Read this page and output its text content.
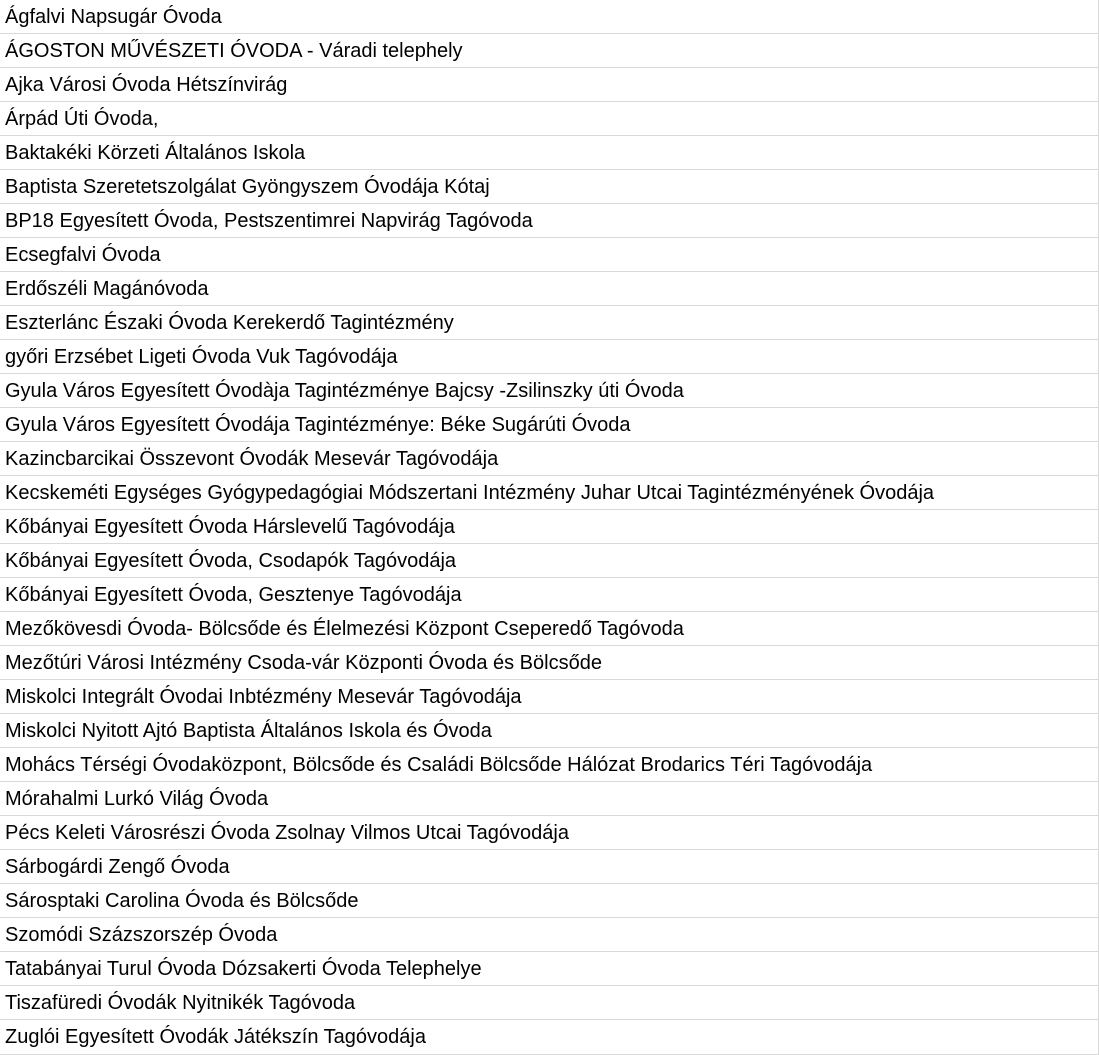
Ágfalvi Napsugár Óvoda
ÁGOSTON MŰVÉSZETI ÓVODA - Váradi telephely
Ajka Városi Óvoda Hétszínvirág
Árpád Úti Óvoda,
Baktakéki Körzeti Általános Iskola
Baptista Szeretetszolgálat Gyöngyszem Óvodája Kótaj
BP18 Egyesített Óvoda, Pestszentimrei Napvirág Tagóvoda
Ecsegfalvi Óvoda
Erdőszéli Magánóvoda
Eszterlánc Északi Óvoda Kerekerdő Tagintézmény
győri Erzsébet Ligeti Óvoda Vuk Tagóvodája
Gyula Város Egyesített Óvodàja Tagintézménye Bajcsy -Zsilinszky úti Óvoda
Gyula Város Egyesített Óvodája Tagintézménye: Béke Sugárúti Óvoda
Kazincbarcikai Összevont Óvodák Mesevár Tagóvodája
Kecskeméti Egységes Gyógypedagógiai Módszertani Intézmény Juhar Utcai Tagintézményének Óvodája
Kőbányai Egyesített Óvoda Hárslevelű Tagóvodája
Kőbányai Egyesített Óvoda, Csodapók Tagóvodája
Kőbányai Egyesített Óvoda, Gesztenye Tagóvodája
Mezőkövesdi Óvoda- Bölcsőde és Élelmezési Központ Cseperedő Tagóvoda
Mezőtúri Városi Intézmény Csoda-vár Központi Óvoda és Bölcsőde
Miskolci Integrált Óvodai Inbtézmény Mesevár Tagóvodája
Miskolci Nyitott Ajtó Baptista Általános Iskola és Óvoda
Mohács Térségi Óvodaközpont, Bölcsőde és Családi Bölcsőde Hálózat Brodarics Téri Tagóvodája
Mórahalmi Lurkó Világ Óvoda
Pécs Keleti Városrészi Óvoda Zsolnay Vilmos Utcai Tagóvodája
Sárbogárdi Zengő Óvoda
Sárosptaki Carolina Óvoda és Bölcsőde
Szomódi Százszorszép Óvoda
Tatabányai Turul Óvoda Dózsakerti Óvoda Telephelye
Tiszafüredi Óvodák Nyitnikék Tagóvoda
Zuglói Egyesített Óvodák Játékszín Tagóvodája
